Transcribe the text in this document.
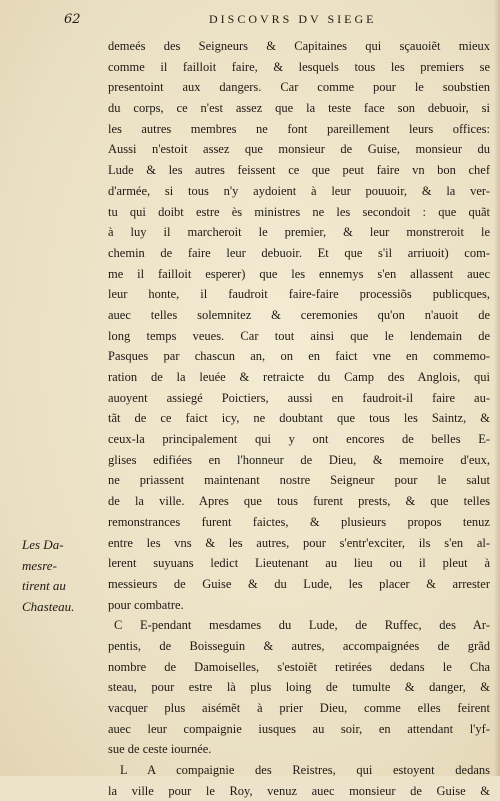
62	DISCOVRS DV SIEGE
demeés des Seigneurs & Capitaines qui sçauoiẽt mieux
comme il failloit faire, & lesquels tous les premiers se
presentoint aux dangers. Car comme pour le soubstien
du corps, ce n'est assez que la teste face son debuoir, si
les autres membres ne font pareillement leurs offices:
Aussi n'estoit assez que monsieur de Guise, monsieur du
Lude & les autres feissent ce que peut faire vn bon chef
d'armée, si tous n'y aydoient à leur pouuoir, & la ver-
tu qui doibt estre ès ministres ne les secondoit : que quãt
à luy il marcheroit le premier, & leur monstreroit le
chemin de faire leur debuoir. Et que s'il arriuoit) com-
me il failloit esperer) que les ennemys s'en allassent auec
leur honte, il faudroit faire-faire processiõs publicques,
auec telles solemnitez & ceremonies qu'on n'auoit de
long temps veues. Car tout ainsi que le lendemain de
Pasques par chascun an, on en faict vne en commemo-
ration de la leuée & retraicte du Camp des Anglois, qui
auoyent assiegé Poictiers, aussi en faudroit-il faire au-
tãt de ce faict icy, ne doubtant que tous les Saintz, &
ceux-la principalement qui y ont encores de belles E-
glises edifiées en l'honneur de Dieu, & memoire d'eux,
ne priassent maintenant nostre Seigneur pour le salut
de la ville. Apres que tous furent prests, & que telles
remonstrances furent faictes, & plusieurs propos tenuz
entre les vns & les autres, pour s'entr'exciter, ils s'en al-
lerent suyuans ledict Lieutenant au lieu ou il pleut à
messieurs de Guise & du Lude, les placer & arrester
pour combatre.
C E-pendant mesdames du Lude, de Ruffec, des Ar-
pentis, de Boisseguin & autres, accompaignées de grãd
nombre de Damoiselles, s'estoiẽt retirées dedans le Cha
steau, pour estre là plus loing de tumulte & danger, &
vacquer plus aisémẽt à prier Dieu, comme elles feirent
auec leur compaignie iusques au soir, en attendant l'yf-
sue de ceste iournée.
L A compaignie des Reistres, qui estoyent dedans
la ville pour le Roy, venuz auec monsieur de Guise &
Les Da-
mesre-
tirent au
Chasteau.
